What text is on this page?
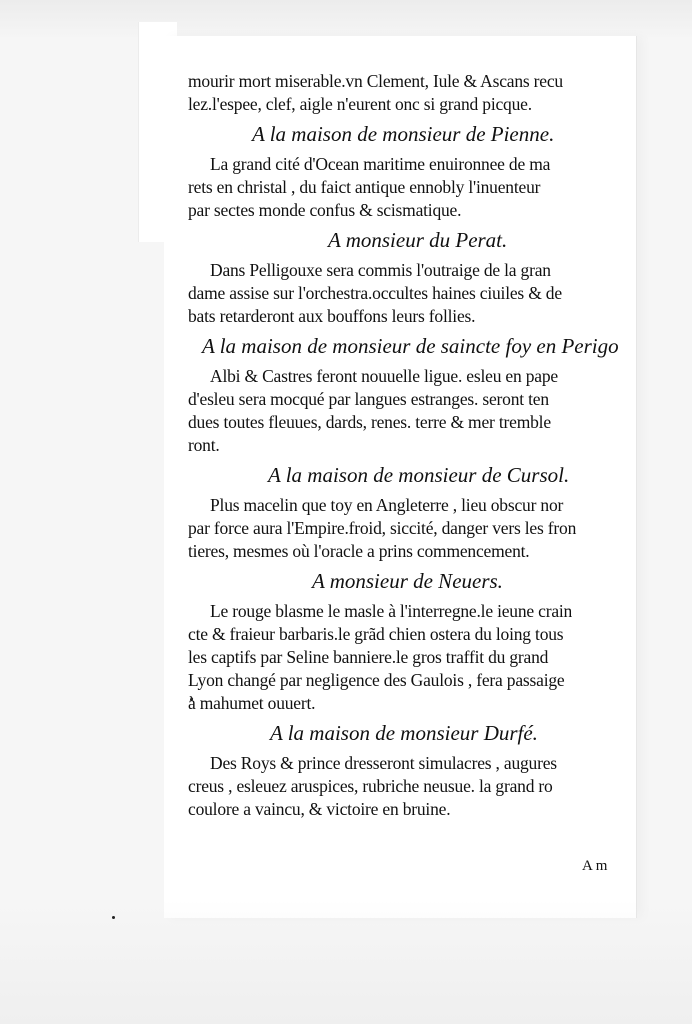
mourir mort miserable.vn Clement, Iule & Ascans recu
lez.l'espee, clef, aigle n'eurent onc si grand picque.
A la maison de monsieur de Pienne.
La grand cité d'Ocean maritime enuironnee de ma
rets en christal , du faict antique ennobly l'inuenteur
par sectes monde confus & scismatique.
A monsieur du Perat.
Dans Pelligouxe sera commis l'outraige de la gran
dame assise sur l'orchestra.occultes haines ciuiles & de
bats retarderont aux bouffons leurs follies.
A la maison de monsieur de saincte foy en Perigo
Albi & Castres feront nouuelle ligue. esleu en pape
d'esleu sera mocqué par langues estranges. seront ten
dues toutes fleuues, dards, renes. terre & mer tremble
ront.
A la maison de monsieur de Cursol.
Plus macelin que toy en Angleterre , lieu obscur nor
par force aura l'Empire.froid, siccité, danger vers les fron
tieres, mesmes où l'oracle a prins commencement.
A monsieur de Neuers.
Le rouge blasme le masle à l'interregne.le ieune crain
cte & fraieur barbaris.le grãd chien ostera du loing tous
les captifs par Seline banniere.le gros traffit du grand
Lyon changé par negligence des Gaulois , fera passaige
à mahumet ouuert.
A la maison de monsieur Durfé.
Des Roys & prince dresseront simulacres , augures
creus , esleuez aruspices, rubriche neusue. la grand ro
coulore a vaincu, & victoire en bruine.
A m
